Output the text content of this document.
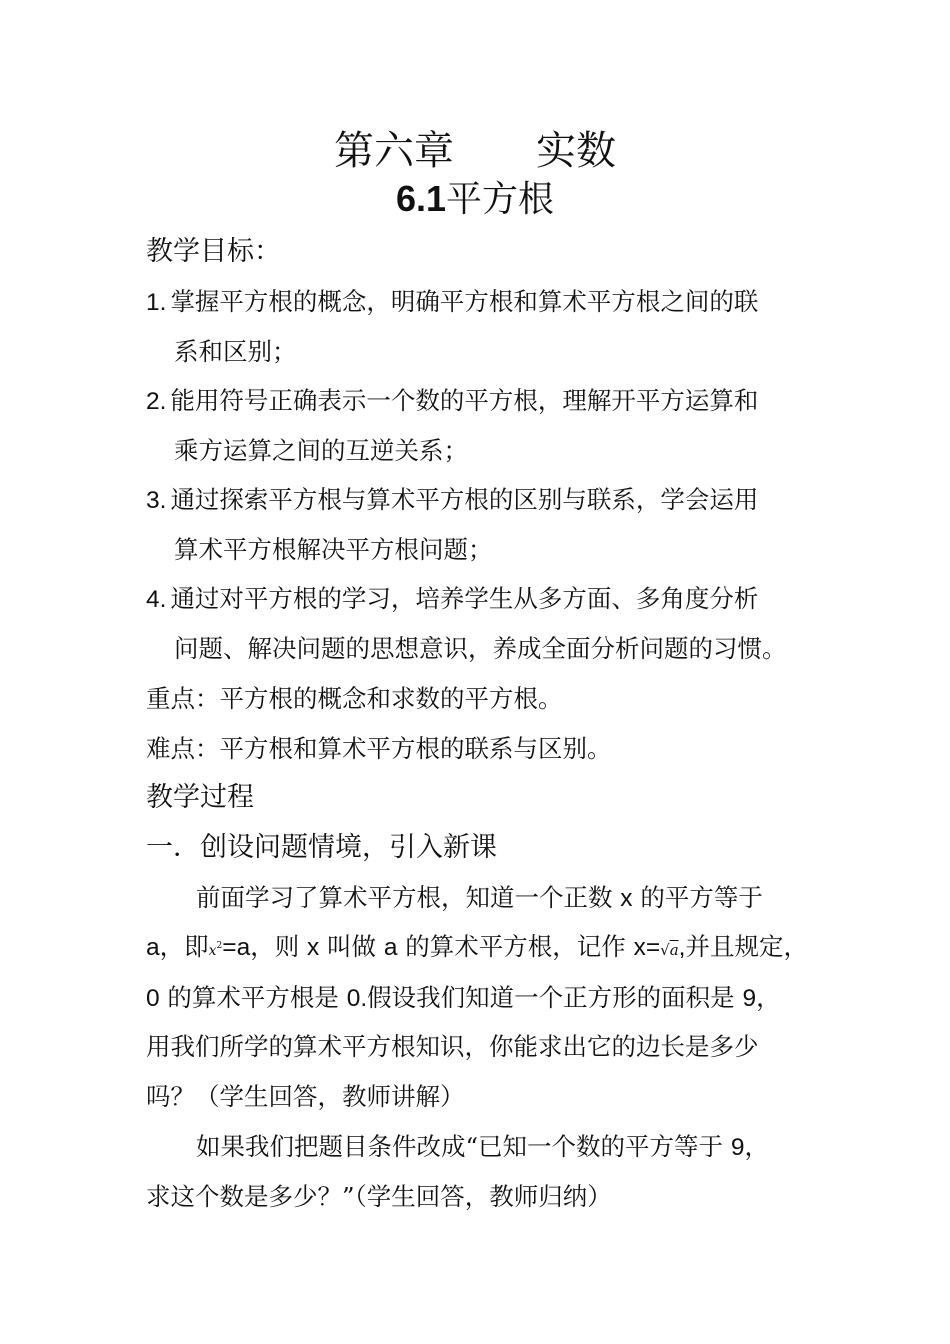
第六章 实数
6.1平方根
教学目标：
1. 掌握平方根的概念，明确平方根和算术平方根之间的联
系和区别；
2. 能用符号正确表示一个数的平方根，理解开平方运算和
乘方运算之间的互逆关系；
3. 通过探索平方根与算术平方根的区别与联系，学会运用
算术平方根解决平方根问题；
4. 通过对平方根的学习，培养学生从多方面、多角度分析
问题、解决问题的思想意识，养成全面分析问题的习惯。
重点：平方根的概念和求数的平方根。
难点：平方根和算术平方根的联系与区别。
教学过程
一．创设问题情境，引入新课
前面学习了算术平方根，知道一个正数 x 的平方等于
a，即$x^2=a$，则 x 叫做 a 的算术平方根，记作 x=√a,并且规定，
0 的算术平方根是 0.假设我们知道一个正方形的面积是 9，
用我们所学的算术平方根知识，你能求出它的边长是多少
吗？（学生回答，教师讲解）
如果我们把题目条件改成“已知一个数的平方等于 9，
求这个数是多少？”（学生回答，教师归纳）
